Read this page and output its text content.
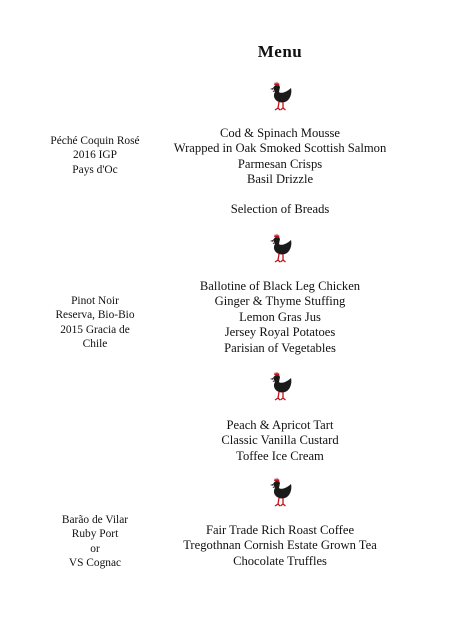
Menu
Cod & Spinach Mousse
Wrapped in Oak Smoked Scottish Salmon
Parmesan Crisps
Basil Drizzle
Péché Coquin Rosé
2016 IGP
Pays d'Oc
Selection of Breads
Ballotine of Black Leg Chicken
Ginger & Thyme Stuffing
Lemon Gras Jus
Jersey Royal Potatoes
Parisian of Vegetables
Pinot Noir
Reserva, Bio-Bio
2015 Gracia de
Chile
Peach & Apricot Tart
Classic Vanilla Custard
Toffee Ice Cream
Barão de Vilar
Ruby Port
or
VS Cognac
Fair Trade Rich Roast Coffee
Tregothnan Cornish Estate Grown Tea
Chocolate Truffles
